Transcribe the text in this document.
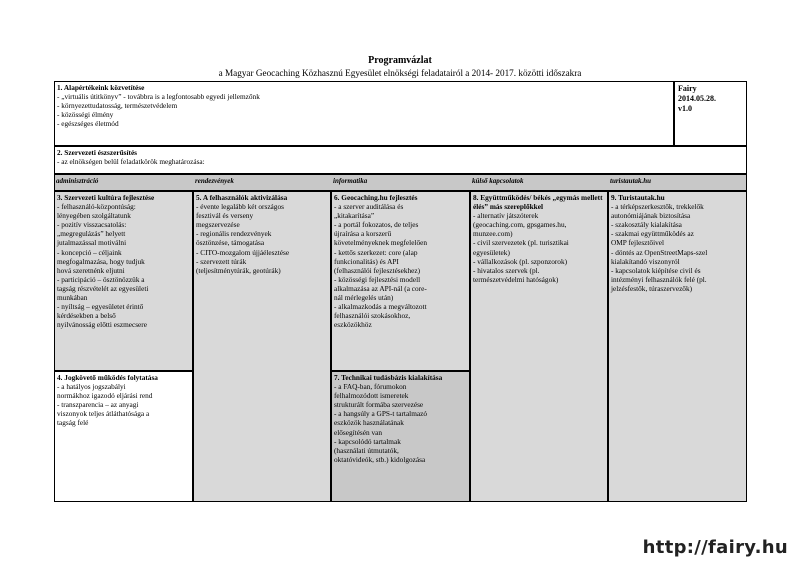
Programvázlat
a Magyar Geocaching Közhasznú Egyesület elnökségi feladatairól a 2014- 2017. közötti időszakra
1. Alapértékeink közvetítése
- „virtuális útitkönyv” - továbbra is a legfontosabb egyedi jellemzőnk
- környezettudatosság, természetvédelem
- közösségi élmény
- egészséges életmód
Fairy
2014.05.28.
v1.0
2. Szervezeti észszerűsítés
- az elnökségen belül feladatkörök meghatározása:
adminisztráció	rendezvények	informatika	külső kapcsolatok	turistautak.hu
3. Szervezeti kultúra fejlesztése
- felhasználó-központúság:
lényegében szolgáltatunk
- pozitív visszacsatolás:
„megregulázás” helyett
jutalmazással motiválni
- koncepció – céljaink
megfogalmazása, hogy tudjuk
hová szeretnénk eljutni
- participáció – ösztönözzük a
tagság részvételét az egyesületi
munkában
- nyíltság – egyesületet érintő
kérdésekben a belső
nyilvánosság előtti eszmecsere
4. Jogkövető működés folytatása
- a hatályos jogszabályi
normákhoz igazodó eljárási rend
- transzparencia – az anyagi
viszonyok teljes átláthatósága a
tagság felé
5. A felhasználók aktivizálása
- évente legalább két országos
fesztivál és verseny
megszervezése
- regionális rendezvények
ösztönzése, támogatása
- CITO-mozgalom újjáélesztése
- szervezett túrák
(teljesítménytúrák, geotúrák)
6. Geocaching.hu fejlesztés
- a szerver auditálása és
„kitakarítása”
- a portál fokozatos, de teljes
újraírása a korszerű
követelményeknek megfelelően
- kettős szerkezet: core (alap
funkcionalitás) és API
(felhasználói fejlesztésekhez)
- közösségi fejlesztési modell
alkalmazása az API-nál (a core-
nál mérlegelés után)
- alkalmazkodás a megváltozott
felhasználói szokásokhoz,
eszközökhöz
7. Technikai tudásbázis kialakítása
- a FAQ-ban, fórumokon
felhalmozódott ismeretek
strukturált formába szervezése
- a hangsúly a GPS-t tartalmazó
eszközök használatának
elősegítésén van
- kapcsolódó tartalmak
(használati útmutatók,
oktatóvideók, stb.) kidolgozása
8. Együttműködés/ békés „egymás mellett élés” más szereplőkkel
- alternatív játszóterek
(geocaching.com, gpsgames.hu,
munzee.com)
- civil szervezetek (pl. turisztikai
egyesületek)
- vállalkozások (pl. szponzorok)
- hivatalos szervek (pl.
természetvédelmi hatóságok)
9. Turistautak.hu
- a térképszerkesztők, trekkelők
autonómiájának biztosítása
- szakosztály kialakítása
- szakmai együttműködés az
OMP fejlesztőivel
- döntés az OpenStreetMaps-szel
kialakítandó viszonyról
- kapcsolatok kiépítése civil és
intézményi felhasználók felé (pl.
jelzésfestők, túraszervezők)
http://fairy.hu
